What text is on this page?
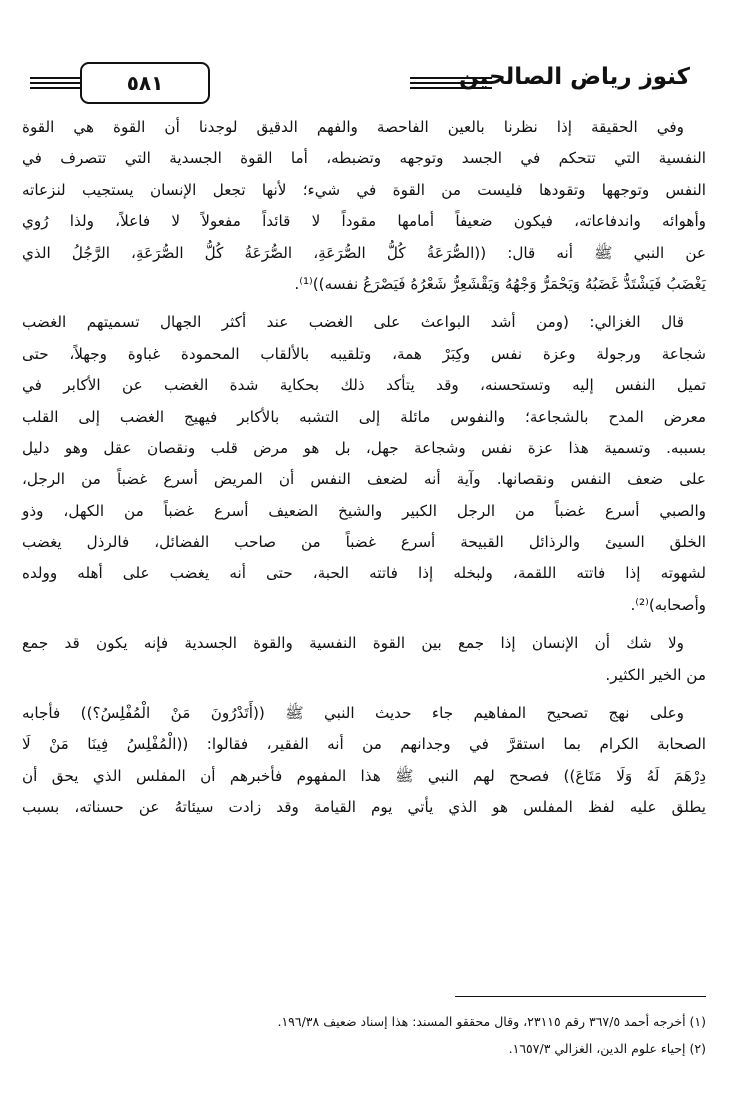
كنوز رياض الصالحين
٥٨١
وفي الحقيقة إذا نظرنا بالعين الفاحصة والفهم الدقيق لوجدنا أن القوة هي القوة
النفسية التي تتحكم في الجسد وتوجهه وتضبطه، أما القوة الجسدية التي تتصرف في
النفس وتوجهها وتقودها فليست من القوة في شيء؛ لأنها تجعل الإنسان يستجيب لنزعاته
وأهوائه واندفاعاته، فيكون ضعيفاً أمامها مقوداً لا قائداً مفعولاً لا فاعلاً، ولذا رُوي
عن النبي ﷺ أنه قال: ((الصُّرَعَةُ كُلُّ الصُّرَعَةِ، الصُّرَعَةُ كُلُّ الصُّرَعَةِ، الرَّجُلُ الذي
يَغْضَبُ فَيَشْتَدُّ غَضَبُهُ وَيَحْمَرُّ وَجْهُهُ وَيَقْشَعِرُّ شَعْرُهُ فَيَصْرَعُ نفسه))⁽¹⁾.
قال الغزالي: (ومن أشد البواعث على الغضب عند أكثر الجهال تسميتهم الغضب
شجاعة ورجولة وعزة نفس وكِبَرْ همة، وتلقيبه بالألقاب المحمودة غباوة وجهلاً، حتى
تميل النفس إليه وتستحسنه، وقد يتأكد ذلك بحكاية شدة الغضب عن الأكابر في
معرض المدح بالشجاعة؛ والنفوس مائلة إلى التشبه بالأكابر فيهيج الغضب إلى القلب
بسببه. وتسمية هذا عزة نفس وشجاعة جهل، بل هو مرض قلب ونقصان عقل وهو دليل
على ضعف النفس ونقصانها. وآية أنه لضعف النفس أن المريض أسرع غضباً من الرجل،
والصبي أسرع غضباً من الرجل الكبير والشيخ الضعيف أسرع غضباً من الكهل، وذو
الخلق السيئ والرذائل القبيحة أسرع غضباً من صاحب الفضائل، فالرذل يغضب
لشهوته إذا فاتته اللقمة، ولبخله إذا فاتته الحبة، حتى أنه يغضب على أهله وولده
وأصحابه)⁽²⁾.
ولا شك أن الإنسان إذا جمع بين القوة النفسية والقوة الجسدية فإنه يكون قد جمع
من الخير الكثير.
وعلى نهج تصحيح المفاهيم جاء حديث النبي ﷺ ((أَتَدْرُونَ مَنْ الْمُفْلِسُ؟)) فأجابه
الصحابة الكرام بما استقرَّ في وجدانهم من أنه الفقير، فقالوا: ((الْمُفْلِسُ فِينَا مَنْ لَا
دِرْهَمَ لَهُ وَلَا مَتَاعَ)) فصحح لهم النبي ﷺ هذا المفهوم فأخبرهم أن المفلس الذي يحق أن
يطلق عليه لفظ المفلس هو الذي يأتي يوم القيامة وقد زادت سيئاتهُ عن حسناته، بسبب
(١) أخرجه أحمد ٣٦٧/٥ رقم ٢٣١١٥، وقال محققو المسند: هذا إسناد ضعيف ١٩٦/٣٨.
(٢) إحياء علوم الدين، الغزالي ١٦٥٧/٣.
